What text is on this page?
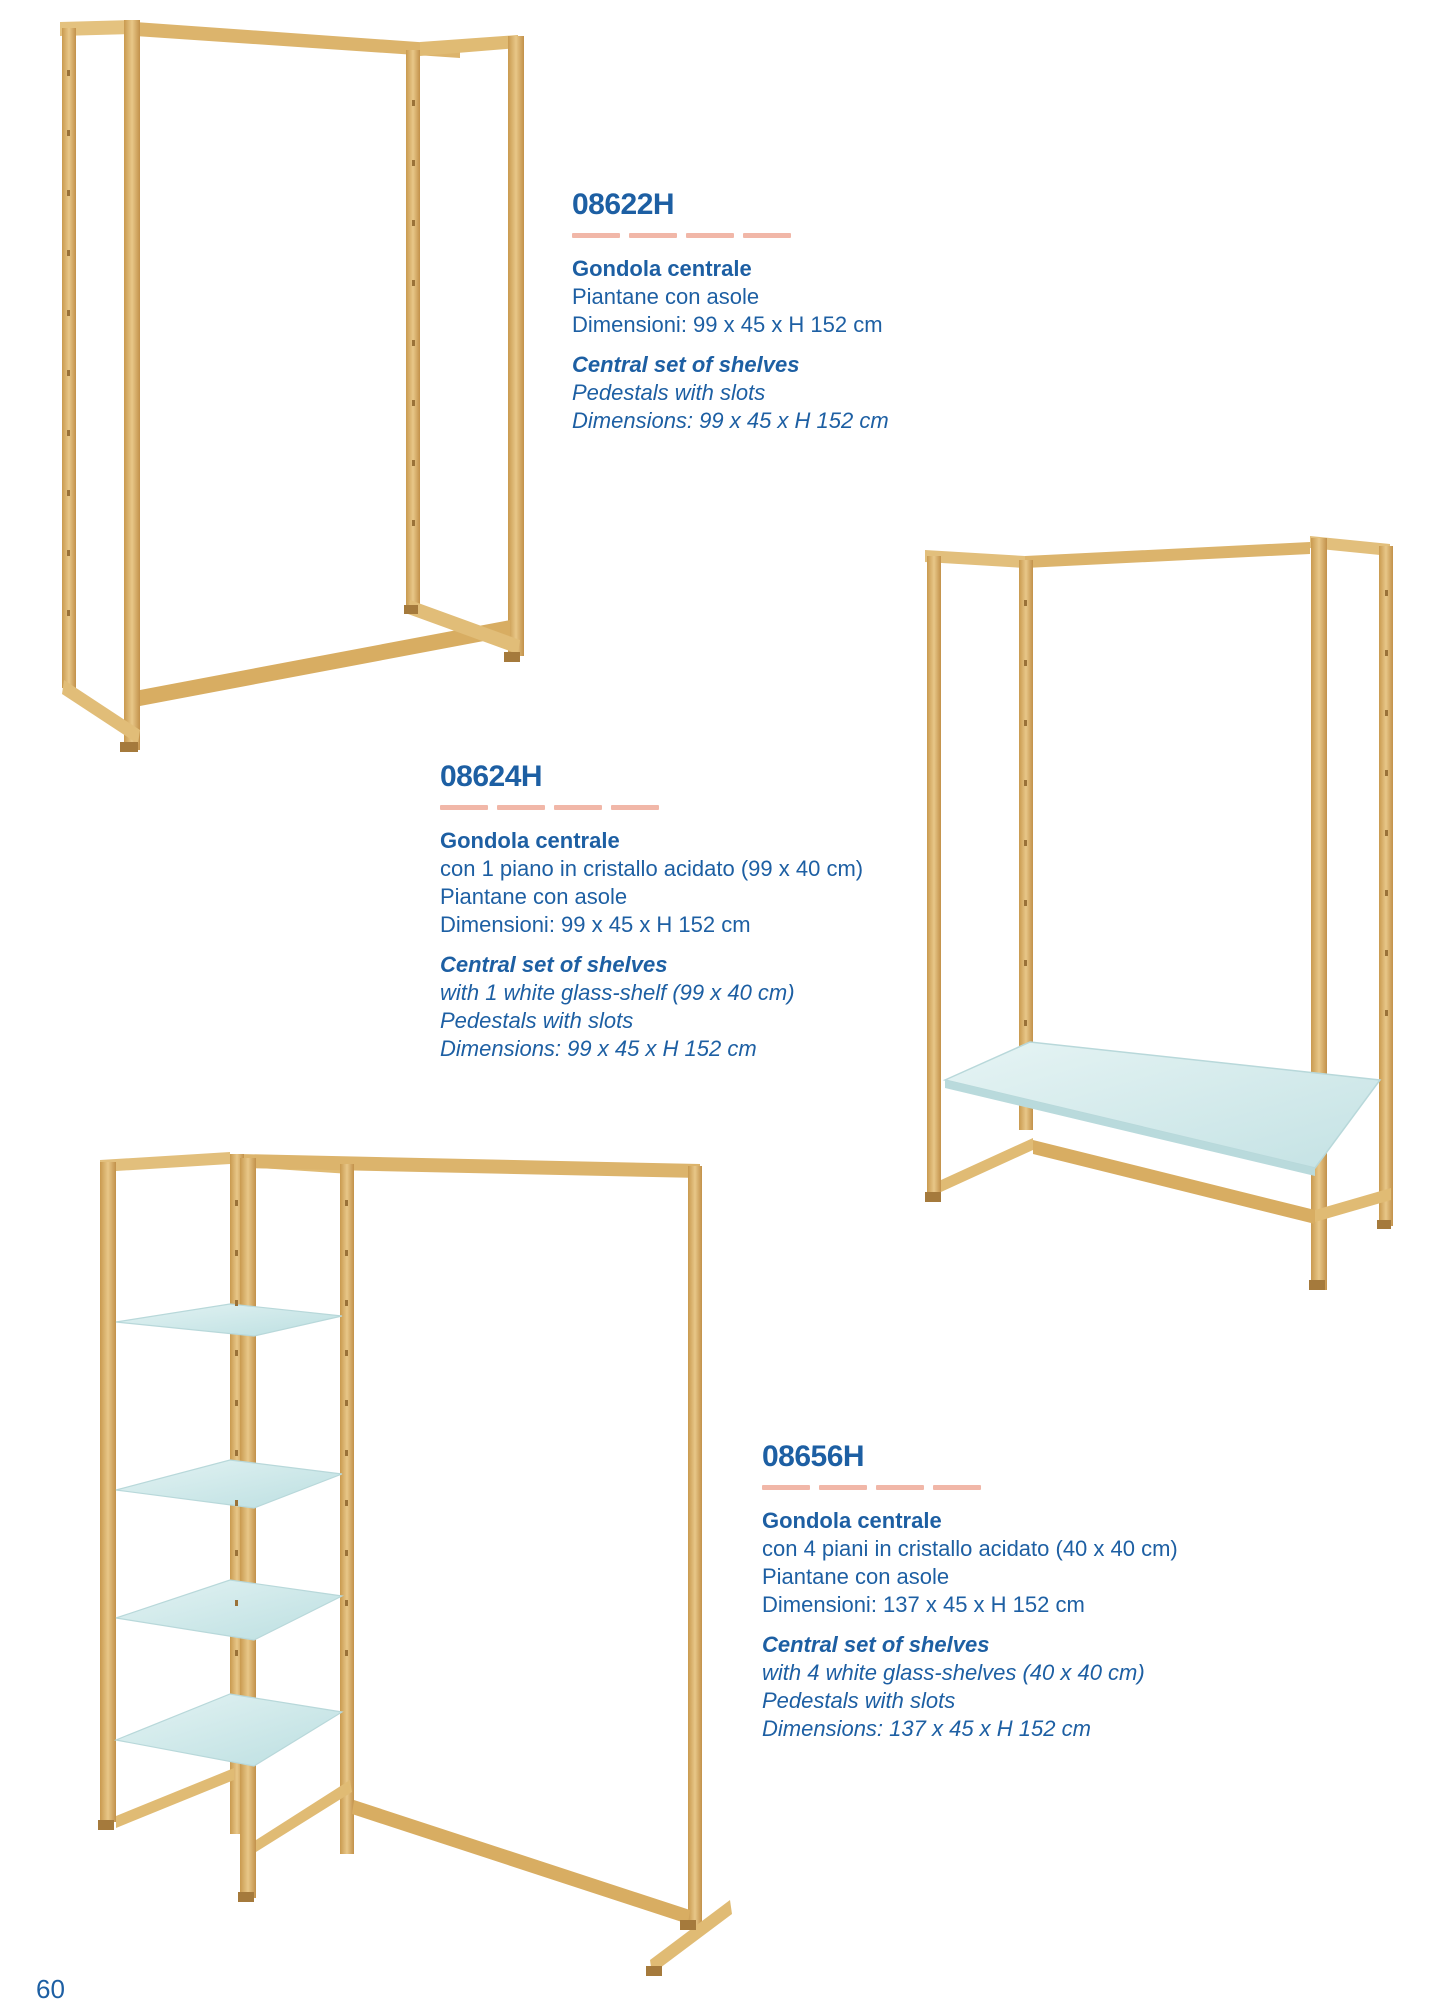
08622H
Gondola centrale
Piantane con asole
Dimensioni: 99 x 45 x H 152 cm
Central set of shelves
Pedestals with slots
Dimensions: 99 x 45 x H 152 cm
08624H
Gondola centrale
con 1 piano in cristallo acidato (99 x 40 cm)
Piantane con asole
Dimensioni: 99 x 45 x H 152 cm
Central set of shelves
with 1 white glass-shelf (99 x 40 cm)
Pedestals with slots
Dimensions: 99 x 45 x H 152 cm
08656H
Gondola centrale
con 4 piani in cristallo acidato (40 x 40 cm)
Piantane con asole
Dimensioni: 137 x 45 x H 152 cm
Central set of shelves
with 4 white glass-shelves (40 x 40 cm)
Pedestals with slots
Dimensions: 137 x 45 x H 152 cm
60
